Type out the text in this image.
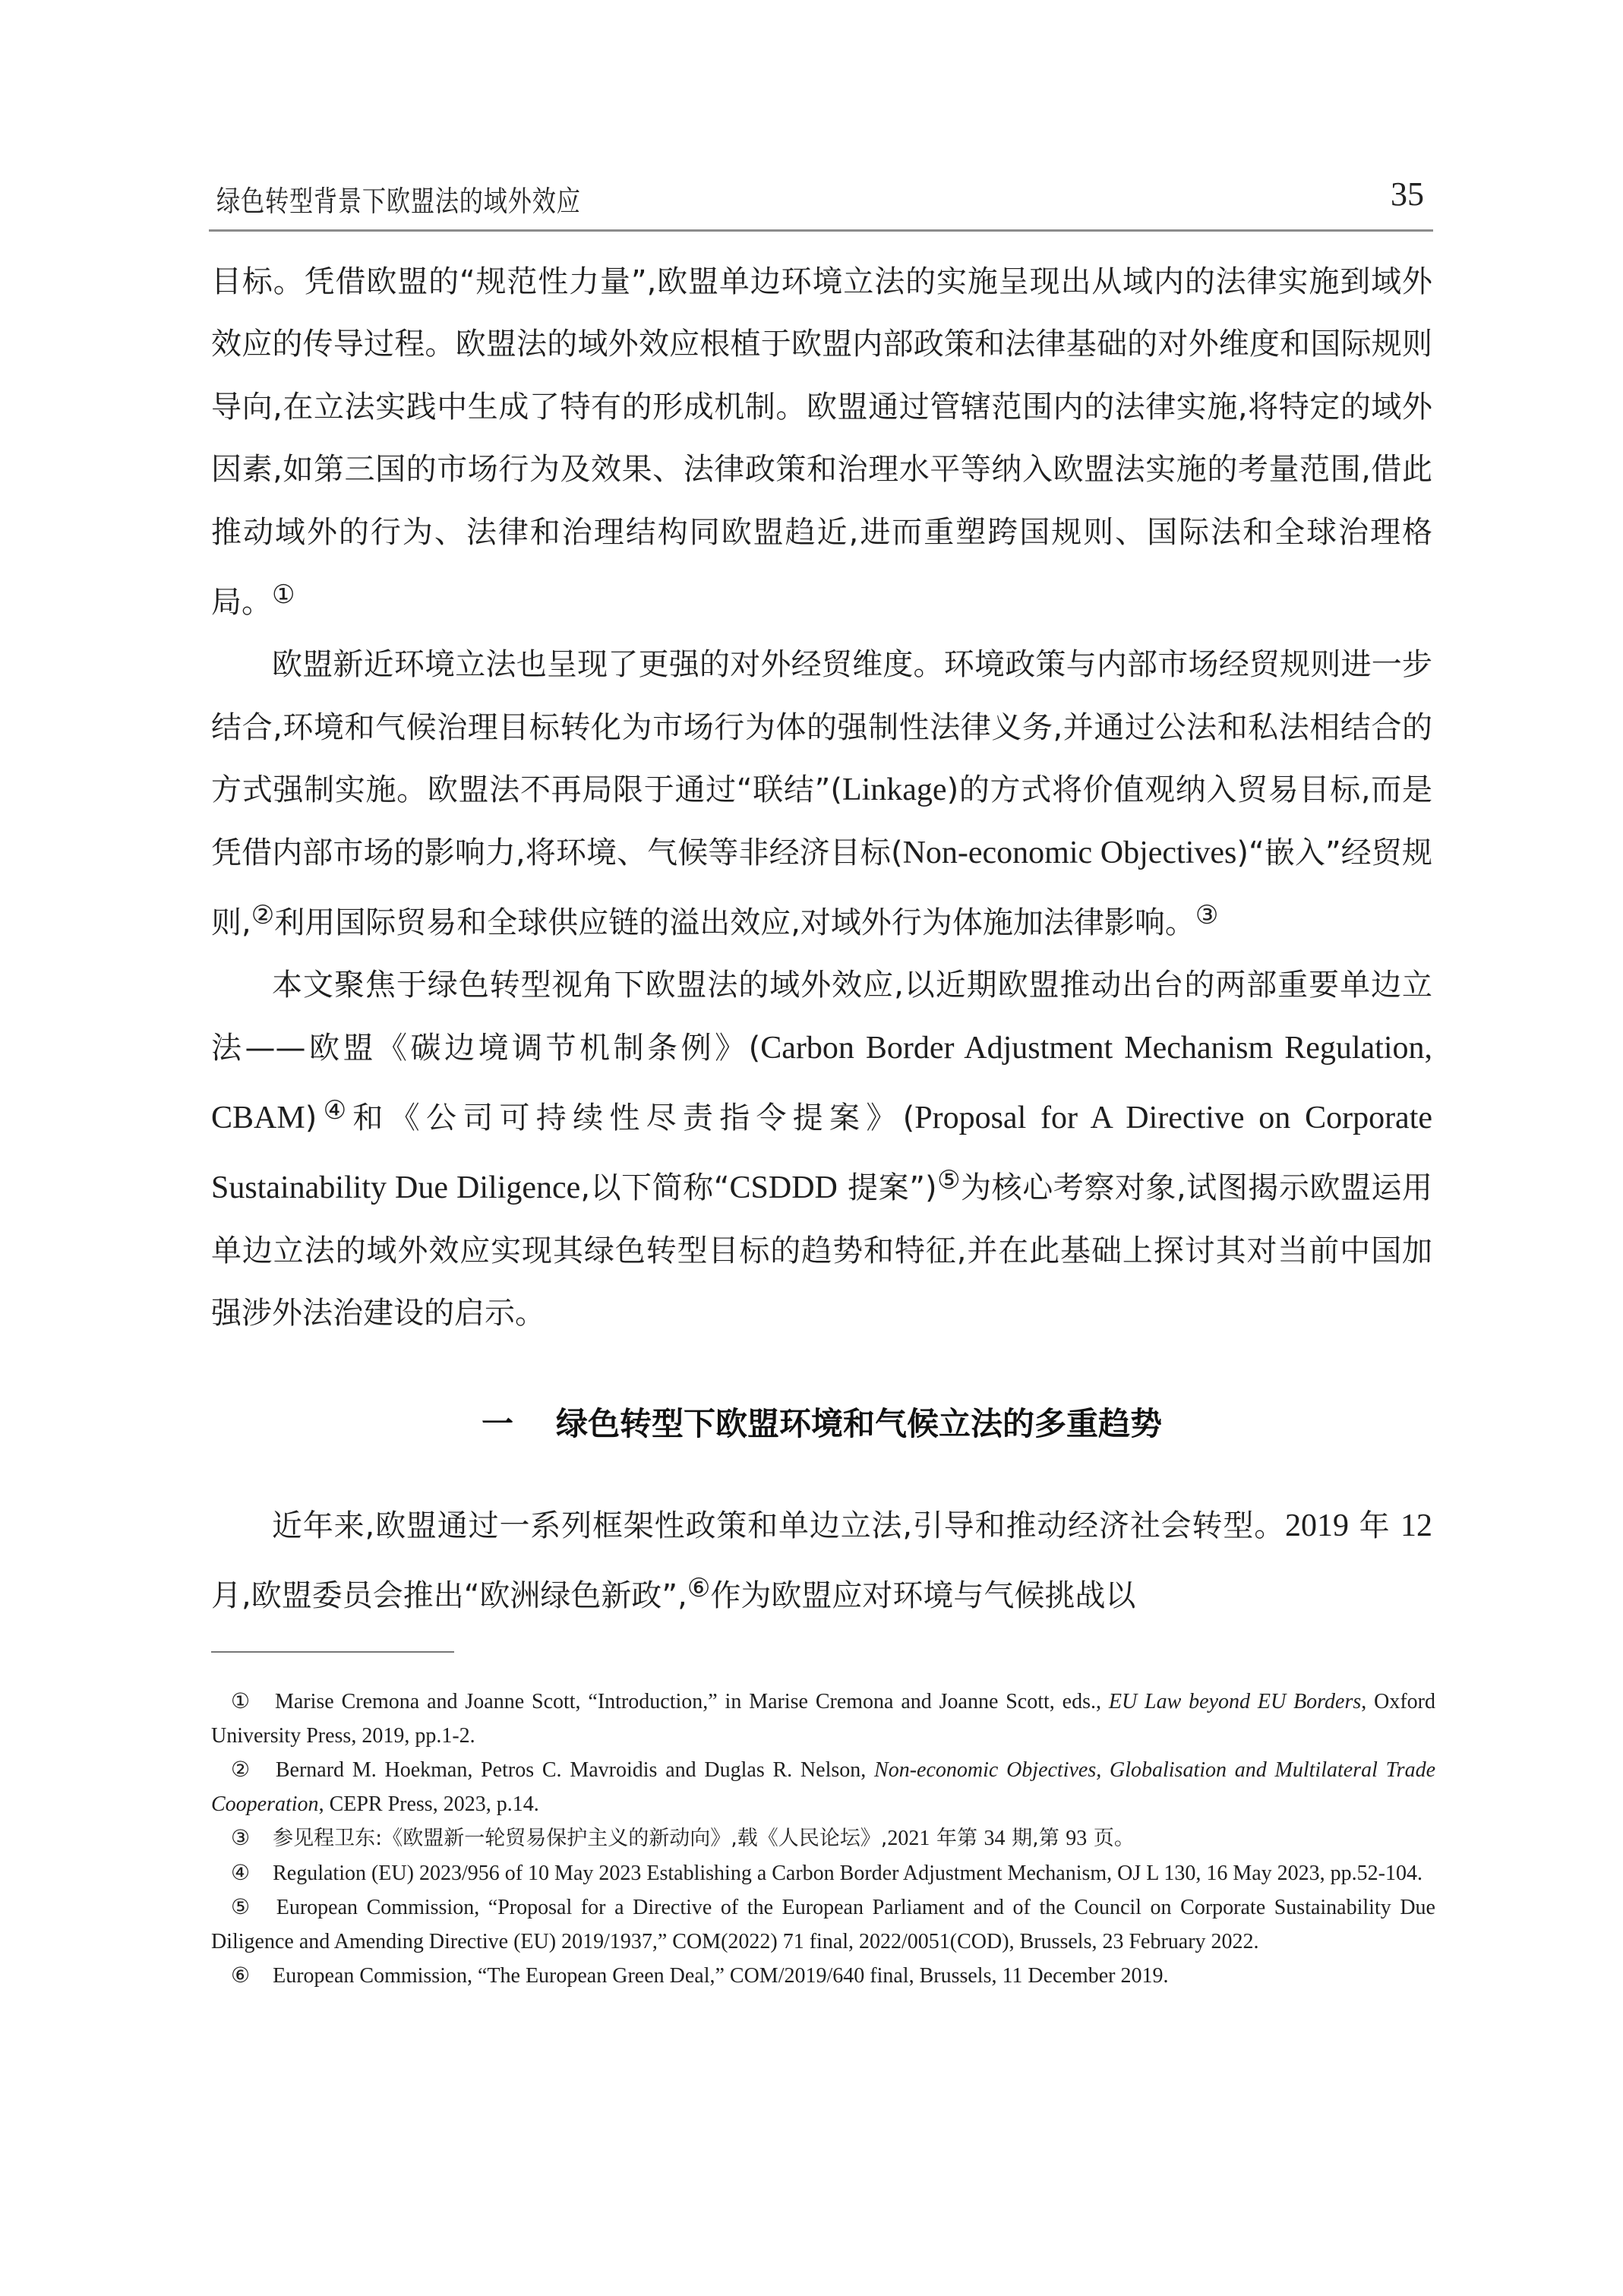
绿色转型背景下欧盟法的域外效应	35

目标。凭借欧盟的“规范性力量”,欧盟单边环境立法的实施呈现出从域内的法律实施到域外效应的传导过程。欧盟法的域外效应根植于欧盟内部政策和法律基础的对外维度和国际规则导向,在立法实践中生成了特有的形成机制。欧盟通过管辖范围内的法律实施,将特定的域外因素,如第三国的市场行为及效果、法律政策和治理水平等纳入欧盟法实施的考量范围,借此推动域外的行为、法律和治理结构同欧盟趋近,进而重塑跨国规则、国际法和全球治理格局。①

欧盟新近环境立法也呈现了更强的对外经贸维度。环境政策与内部市场经贸规则进一步结合,环境和气候治理目标转化为市场行为体的强制性法律义务,并通过公法和私法相结合的方式强制实施。欧盟法不再局限于通过“联结”(Linkage)的方式将价值观纳入贸易目标,而是凭借内部市场的影响力,将环境、气候等非经济目标(Non-economic Objectives)“嵌入”经贸规则,②利用国际贸易和全球供应链的溢出效应,对域外行为体施加法律影响。③

本文聚焦于绿色转型视角下欧盟法的域外效应,以近期欧盟推动出台的两部重要单边立法——欧盟《碳边境调节机制条例》(Carbon Border Adjustment Mechanism Regulation, CBAM)④和《公司可持续性尽责指令提案》(Proposal for A Directive on Corporate Sustainability Due Diligence,以下简称“CSDDD 提案”)⑤为核心考察对象,试图揭示欧盟运用单边立法的域外效应实现其绿色转型目标的趋势和特征,并在此基础上探讨其对当前中国加强涉外法治建设的启示。

一 绿色转型下欧盟环境和气候立法的多重趋势

近年来,欧盟通过一系列框架性政策和单边立法,引导和推动经济社会转型。2019 年 12 月,欧盟委员会推出“欧洲绿色新政”,⑥作为欧盟应对环境与气候挑战以

① Marise Cremona and Joanne Scott, “Introduction,” in Marise Cremona and Joanne Scott, eds., EU Law beyond EU Borders, Oxford University Press, 2019, pp.1-2.

② Bernard M. Hoekman, Petros C. Mavroidis and Duglas R. Nelson, Non-economic Objectives, Globalisation and Multilateral Trade Cooperation, CEPR Press, 2023, p.14.

③ 参见程卫东:《欧盟新一轮贸易保护主义的新动向》,载《人民论坛》,2021 年第 34 期,第 93 页。

④ Regulation (EU) 2023/956 of 10 May 2023 Establishing a Carbon Border Adjustment Mechanism, OJ L 130, 16 May 2023, pp.52-104.

⑤ European Commission, “Proposal for a Directive of the European Parliament and of the Council on Corporate Sustainability Due Diligence and Amending Directive (EU) 2019/1937,” COM(2022) 71 final, 2022/0051(COD), Brussels, 23 February 2022.

⑥ European Commission, “The European Green Deal,” COM/2019/640 final, Brussels, 11 December 2019.
